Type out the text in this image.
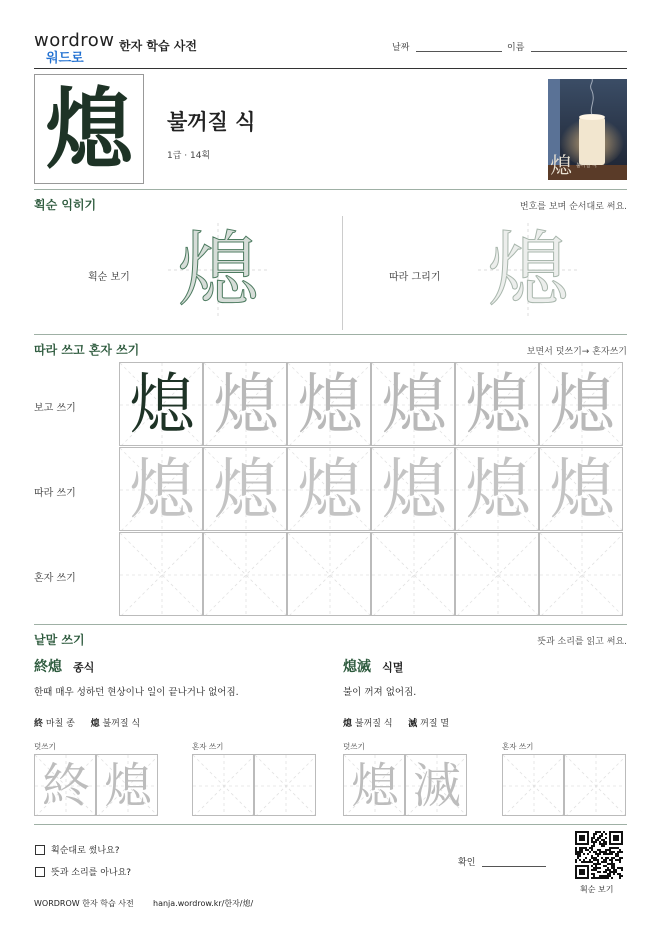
wordrow
워드로
한자 학습 사전	날짜	이름
熄	불꺼질 식
1급 · 14획	熄 불꺼질 식
획순 익히기	번호를 보며 순서대로 써요.
획순 보기 熄	따라 그리기 熄
따라 쓰고 혼자 쓰기	보면서 덧쓰기→ 혼자쓰기
보고 쓰기
따라 쓰기
혼자 쓰기
熄 熄 熄 熄 熄 熄
熄 熄 熄 熄 熄 熄
낱말 쓰기	뜻과 소리를 읽고 써요.
終熄 종식
한때 매우 성하던 현상이나 일이 끝나거나 없어짐.
終 마칠 종 熄 불꺼질 식
덧쓰기	혼자 쓰기
終 熄
熄滅 식멸
불이 꺼져 없어짐.
熄 불꺼질 식 滅 꺼질 멸
덧쓰기	혼자 쓰기
熄 滅
획순대로 썼나요?
뜻과 소리를 아나요?
확인
획순 보기
WORDROW 한자 학습 사전 hanja.wordrow.kr/한자/熄/
